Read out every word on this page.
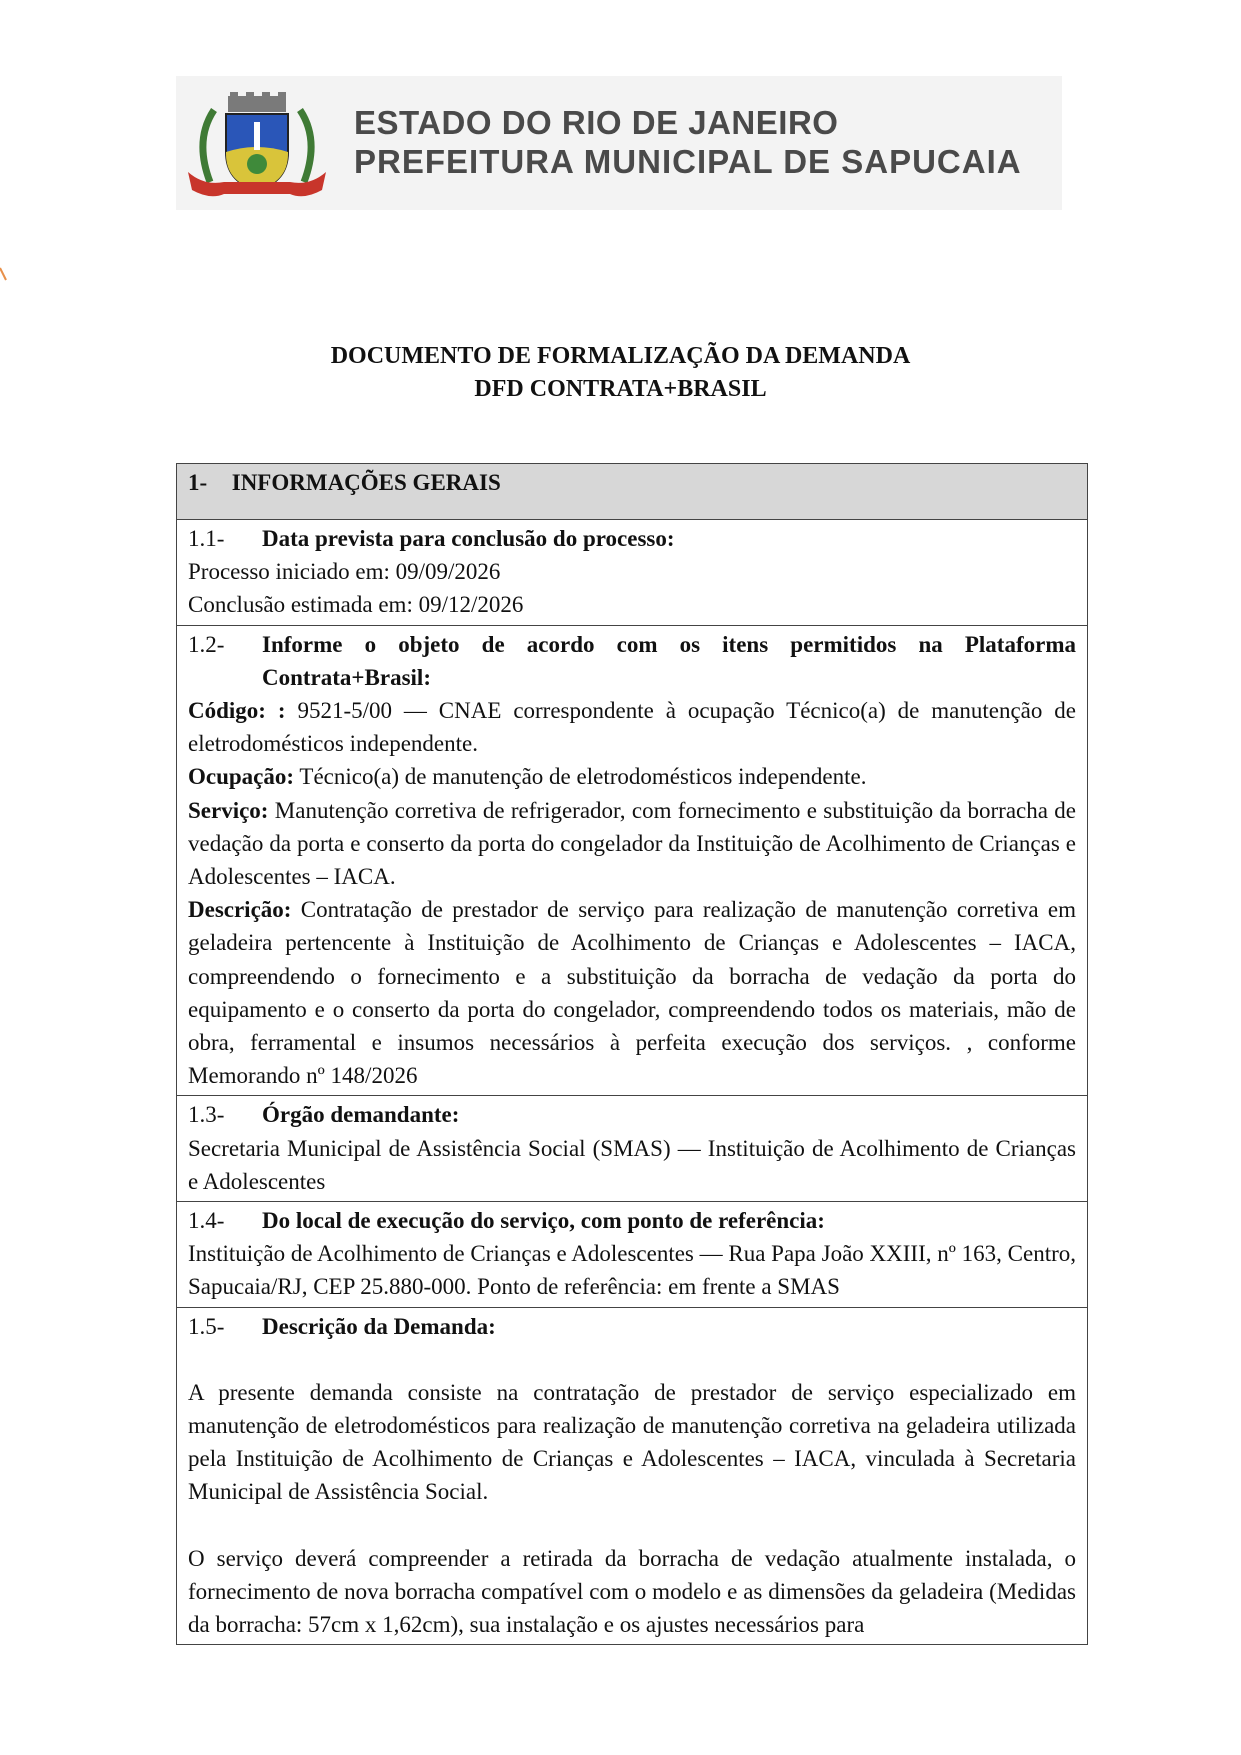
ESTADO DO RIO DE JANEIRO
PREFEITURA MUNICIPAL DE SAPUCAIA
DOCUMENTO DE FORMALIZAÇÃO DA DEMANDA
DFD CONTRATA+BRASIL
1- INFORMAÇÕES GERAIS

1.1-	Data prevista para conclusão do processo:
Processo iniciado em: 09/09/2026
Conclusão estimada em: 09/12/2026

1.2-	Informe o objeto de acordo com os itens permitidos na Plataforma Contrata+Brasil:
Código: : 9521-5/00 — CNAE correspondente à ocupação Técnico(a) de manutenção de eletrodomésticos independente.
Ocupação: Técnico(a) de manutenção de eletrodomésticos independente.
Serviço: Manutenção corretiva de refrigerador, com fornecimento e substituição da borracha de vedação da porta e conserto da porta do congelador da Instituição de Acolhimento de Crianças e Adolescentes – IACA.
Descrição: Contratação de prestador de serviço para realização de manutenção corretiva em geladeira pertencente à Instituição de Acolhimento de Crianças e Adolescentes – IACA, compreendendo o fornecimento e a substituição da borracha de vedação da porta do equipamento e o conserto da porta do congelador, compreendendo todos os materiais, mão de obra, ferramental e insumos necessários à perfeita execução dos serviços. , conforme Memorando nº 148/2026

1.3-	Órgão demandante:
Secretaria Municipal de Assistência Social (SMAS) — Instituição de Acolhimento de Crianças e Adolescentes

1.4-	Do local de execução do serviço, com ponto de referência:
Instituição de Acolhimento de Crianças e Adolescentes — Rua Papa João XXIII, nº 163, Centro, Sapucaia/RJ, CEP 25.880-000. Ponto de referência: em frente a SMAS

1.5-	Descrição da Demanda:
A presente demanda consiste na contratação de prestador de serviço especializado em manutenção de eletrodomésticos para realização de manutenção corretiva na geladeira utilizada pela Instituição de Acolhimento de Crianças e Adolescentes – IACA, vinculada à Secretaria Municipal de Assistência Social.
O serviço deverá compreender a retirada da borracha de vedação atualmente instalada, o fornecimento de nova borracha compatível com o modelo e as dimensões da geladeira (Medidas da borracha: 57cm x 1,62cm), sua instalação e os ajustes necessários para
